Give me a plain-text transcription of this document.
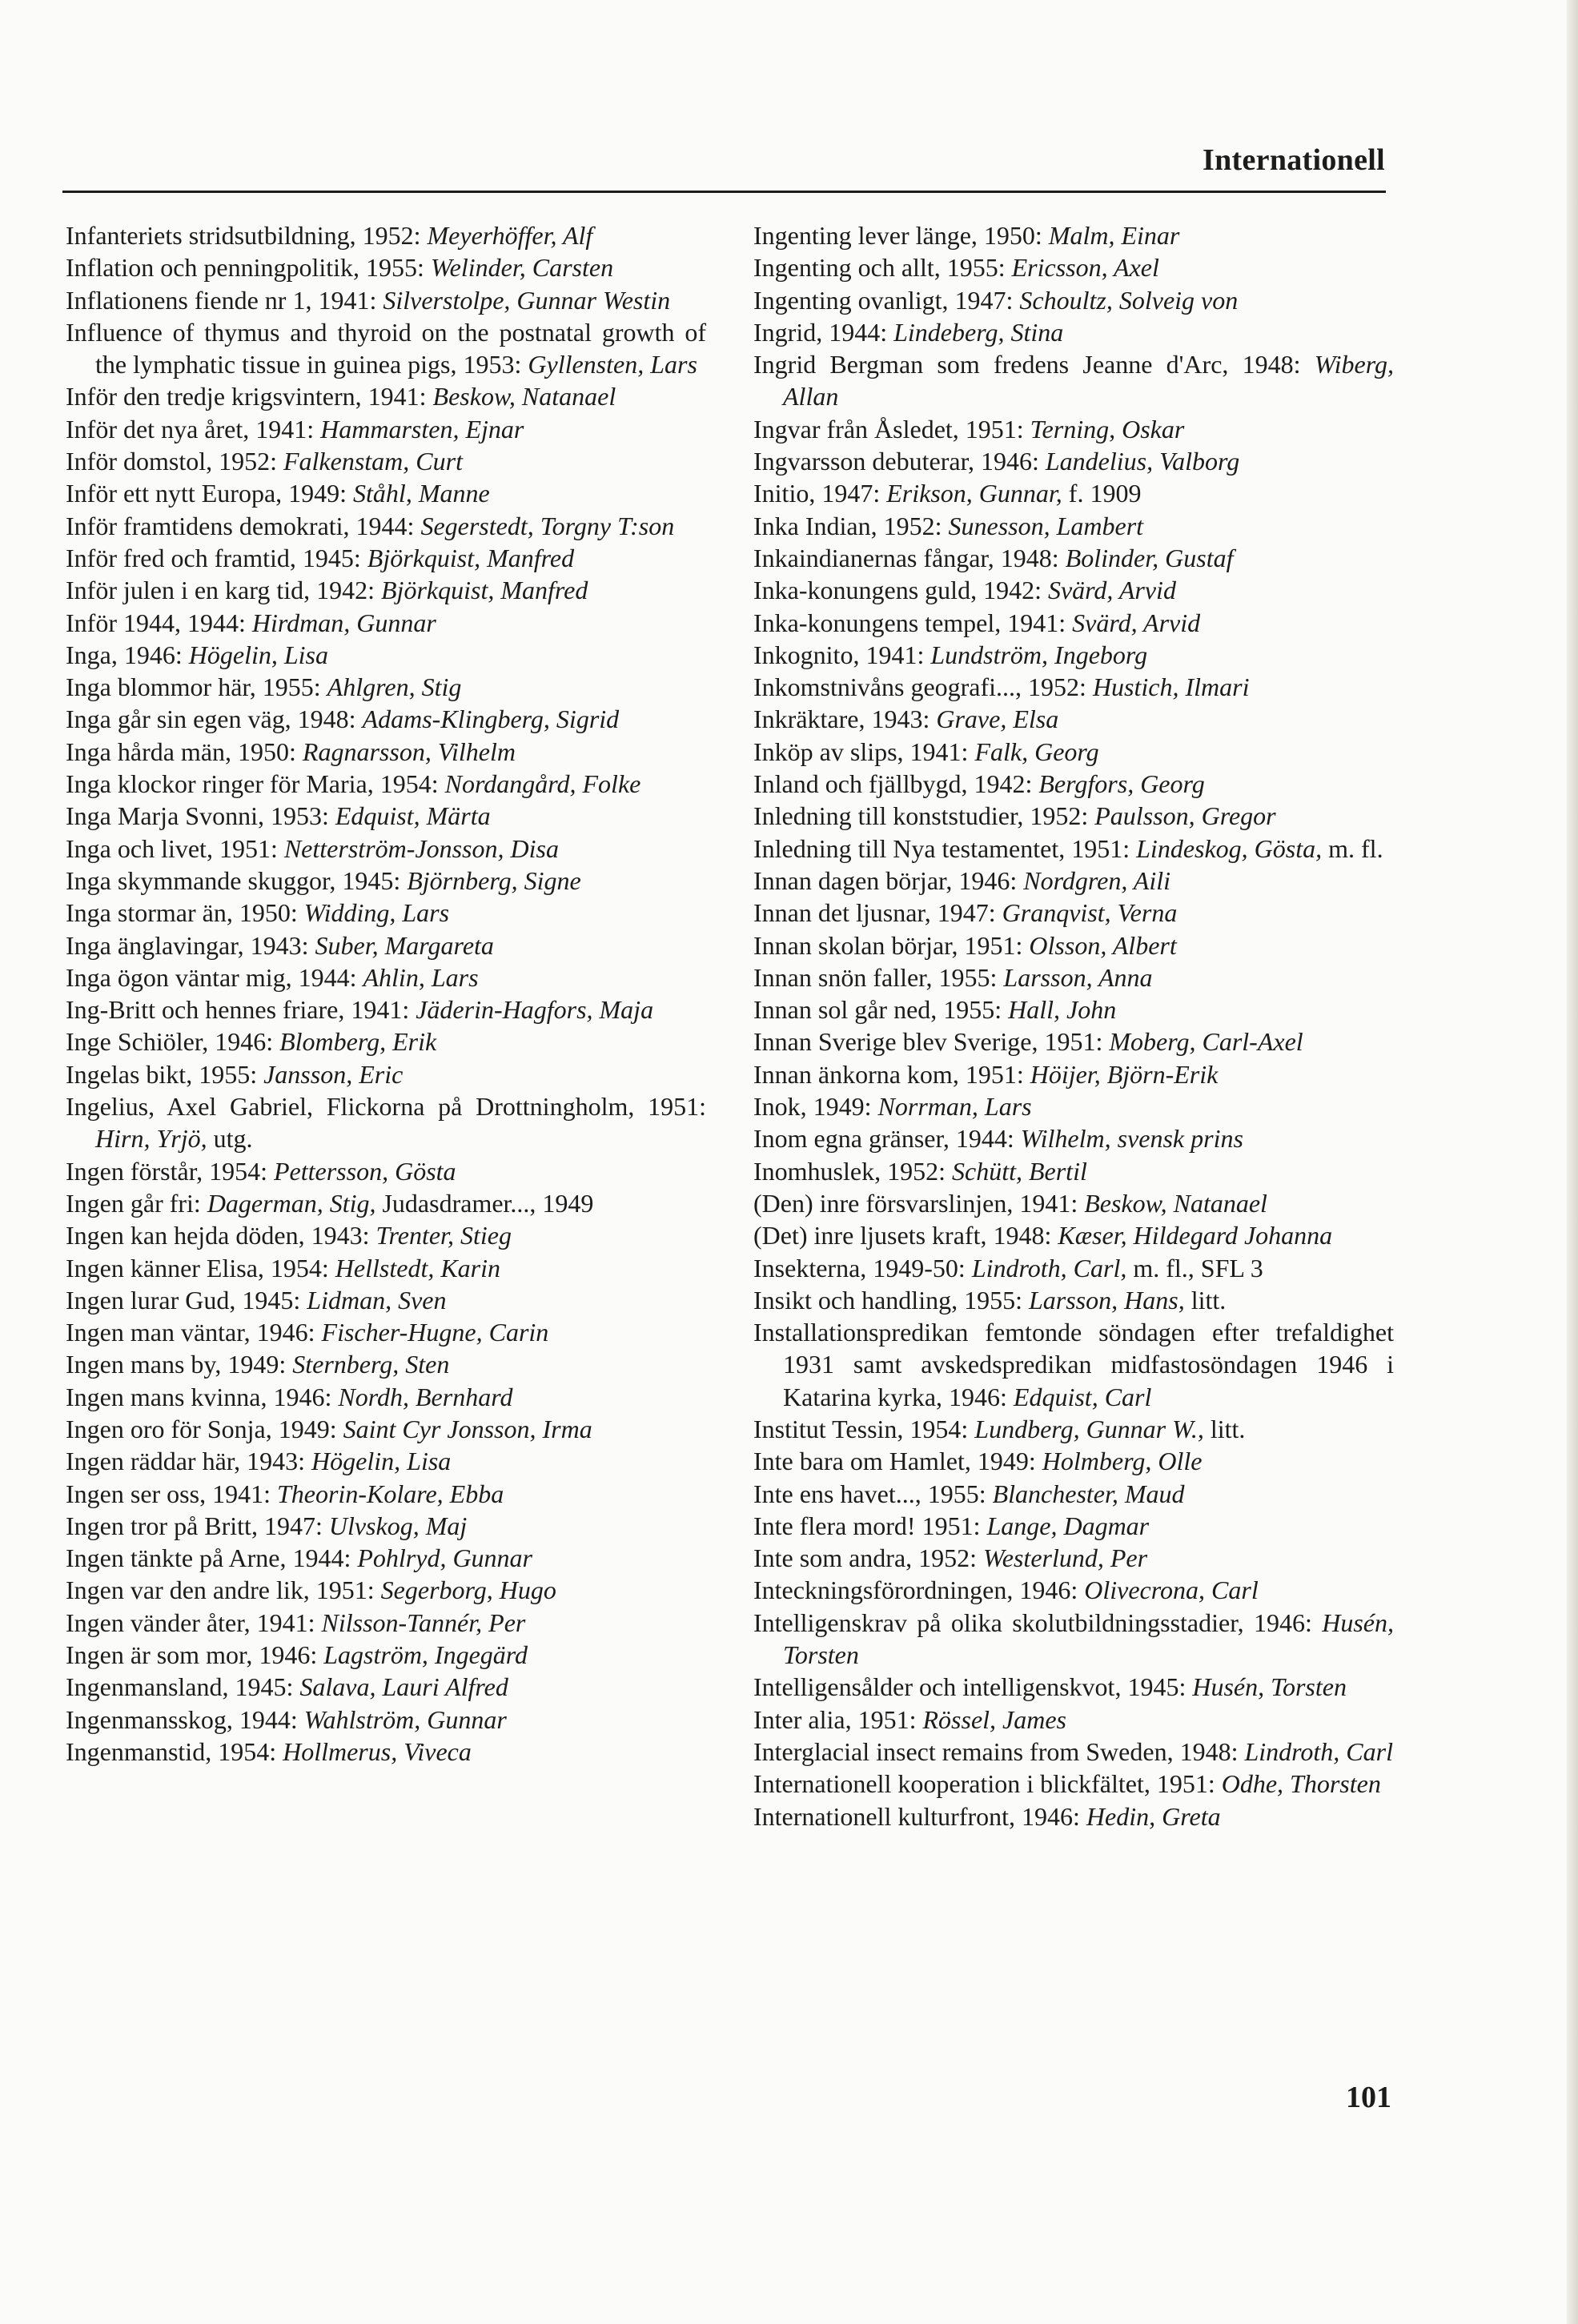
Internationell
Infanteriets stridsutbildning, 1952: Meyerhöffer, Alf
Inflation och penningpolitik, 1955: Welinder, Carsten
Inflationens fiende nr 1, 1941: Silverstolpe, Gunnar Westin
Influence of thymus and thyroid on the postnatal growth of the lymphatic tissue in guinea pigs, 1953: Gyllensten, Lars
Inför den tredje krigsvintern, 1941: Beskow, Natanael
Inför det nya året, 1941: Hammarsten, Ejnar
Inför domstol, 1952: Falkenstam, Curt
Inför ett nytt Europa, 1949: Ståhl, Manne
Inför framtidens demokrati, 1944: Segerstedt, Torgny T:son
Inför fred och framtid, 1945: Björkquist, Manfred
Inför julen i en karg tid, 1942: Björkquist, Manfred
Inför 1944, 1944: Hirdman, Gunnar
Inga, 1946: Högelin, Lisa
Inga blommor här, 1955: Ahlgren, Stig
Inga går sin egen väg, 1948: Adams-Klingberg, Sigrid
Inga hårda män, 1950: Ragnarsson, Vilhelm
Inga klockor ringer för Maria, 1954: Nordangård, Folke
Inga Marja Svonni, 1953: Edquist, Märta
Inga och livet, 1951: Netterström-Jonsson, Disa
Inga skymmande skuggor, 1945: Björnberg, Signe
Inga stormar än, 1950: Widding, Lars
Inga änglavingar, 1943: Suber, Margareta
Inga ögon väntar mig, 1944: Ahlin, Lars
Ing-Britt och hennes friare, 1941: Jäderin-Hagfors, Maja
Inge Schiöler, 1946: Blomberg, Erik
Ingelas bikt, 1955: Jansson, Eric
Ingelius, Axel Gabriel, Flickorna på Drottningholm, 1951: Hirn, Yrjö, utg.
Ingen förstår, 1954: Pettersson, Gösta
Ingen går fri: Dagerman, Stig, Judasdramer..., 1949
Ingen kan hejda döden, 1943: Trenter, Stieg
Ingen känner Elisa, 1954: Hellstedt, Karin
Ingen lurar Gud, 1945: Lidman, Sven
Ingen man väntar, 1946: Fischer-Hugne, Carin
Ingen mans by, 1949: Sternberg, Sten
Ingen mans kvinna, 1946: Nordh, Bernhard
Ingen oro för Sonja, 1949: Saint Cyr Jonsson, Irma
Ingen räddar här, 1943: Högelin, Lisa
Ingen ser oss, 1941: Theorin-Kolare, Ebba
Ingen tror på Britt, 1947: Ulvskog, Maj
Ingen tänkte på Arne, 1944: Pohlryd, Gunnar
Ingen var den andre lik, 1951: Segerborg, Hugo
Ingen vänder åter, 1941: Nilsson-Tannér, Per
Ingen är som mor, 1946: Lagström, Ingegärd
Ingenmansland, 1945: Salava, Lauri Alfred
Ingenmansskog, 1944: Wahlström, Gunnar
Ingenmanstid, 1954: Hollmerus, Viveca
Ingenting lever länge, 1950: Malm, Einar
Ingenting och allt, 1955: Ericsson, Axel
Ingenting ovanligt, 1947: Schoultz, Solveig von
Ingrid, 1944: Lindeberg, Stina
Ingrid Bergman som fredens Jeanne d'Arc, 1948: Wiberg, Allan
Ingvar från Åsledet, 1951: Terning, Oskar
Ingvarsson debuterar, 1946: Landelius, Valborg
Initio, 1947: Erikson, Gunnar, f. 1909
Inka Indian, 1952: Sunesson, Lambert
Inkaindianernas fångar, 1948: Bolinder, Gustaf
Inka-konungens guld, 1942: Svärd, Arvid
Inka-konungens tempel, 1941: Svärd, Arvid
Inkognito, 1941: Lundström, Ingeborg
Inkomstnivåns geografi..., 1952: Hustich, Ilmari
Inkräktare, 1943: Grave, Elsa
Inköp av slips, 1941: Falk, Georg
Inland och fjällbygd, 1942: Bergfors, Georg
Inledning till konststudier, 1952: Paulsson, Gregor
Inledning till Nya testamentet, 1951: Lindeskog, Gösta, m. fl.
Innan dagen börjar, 1946: Nordgren, Aili
Innan det ljusnar, 1947: Granqvist, Verna
Innan skolan börjar, 1951: Olsson, Albert
Innan snön faller, 1955: Larsson, Anna
Innan sol går ned, 1955: Hall, John
Innan Sverige blev Sverige, 1951: Moberg, Carl-Axel
Innan änkorna kom, 1951: Höijer, Björn-Erik
Inok, 1949: Norrman, Lars
Inom egna gränser, 1944: Wilhelm, svensk prins
Inomhuslek, 1952: Schütt, Bertil
(Den) inre försvarslinjen, 1941: Beskow, Natanael
(Det) inre ljusets kraft, 1948: Kæser, Hildegard Johanna
Insekterna, 1949-50: Lindroth, Carl, m. fl., SFL 3
Insikt och handling, 1955: Larsson, Hans, litt.
Installationspredikan femtonde söndagen efter trefaldighet 1931 samt avskedspredikan midfastosöndagen 1946 i Katarina kyrka, 1946: Edquist, Carl
Institut Tessin, 1954: Lundberg, Gunnar W., litt.
Inte bara om Hamlet, 1949: Holmberg, Olle
Inte ens havet..., 1955: Blanchester, Maud
Inte flera mord! 1951: Lange, Dagmar
Inte som andra, 1952: Westerlund, Per
Inteckningsförordningen, 1946: Olivecrona, Carl
Intelligenskrav på olika skolutbildningsstadier, 1946: Husén, Torsten
Intelligensålder och intelligenskvot, 1945: Husén, Torsten
Inter alia, 1951: Rössel, James
Interglacial insect remains from Sweden, 1948: Lindroth, Carl
Internationell kooperation i blickfältet, 1951: Odhe, Thorsten
Internationell kulturfront, 1946: Hedin, Greta
101
